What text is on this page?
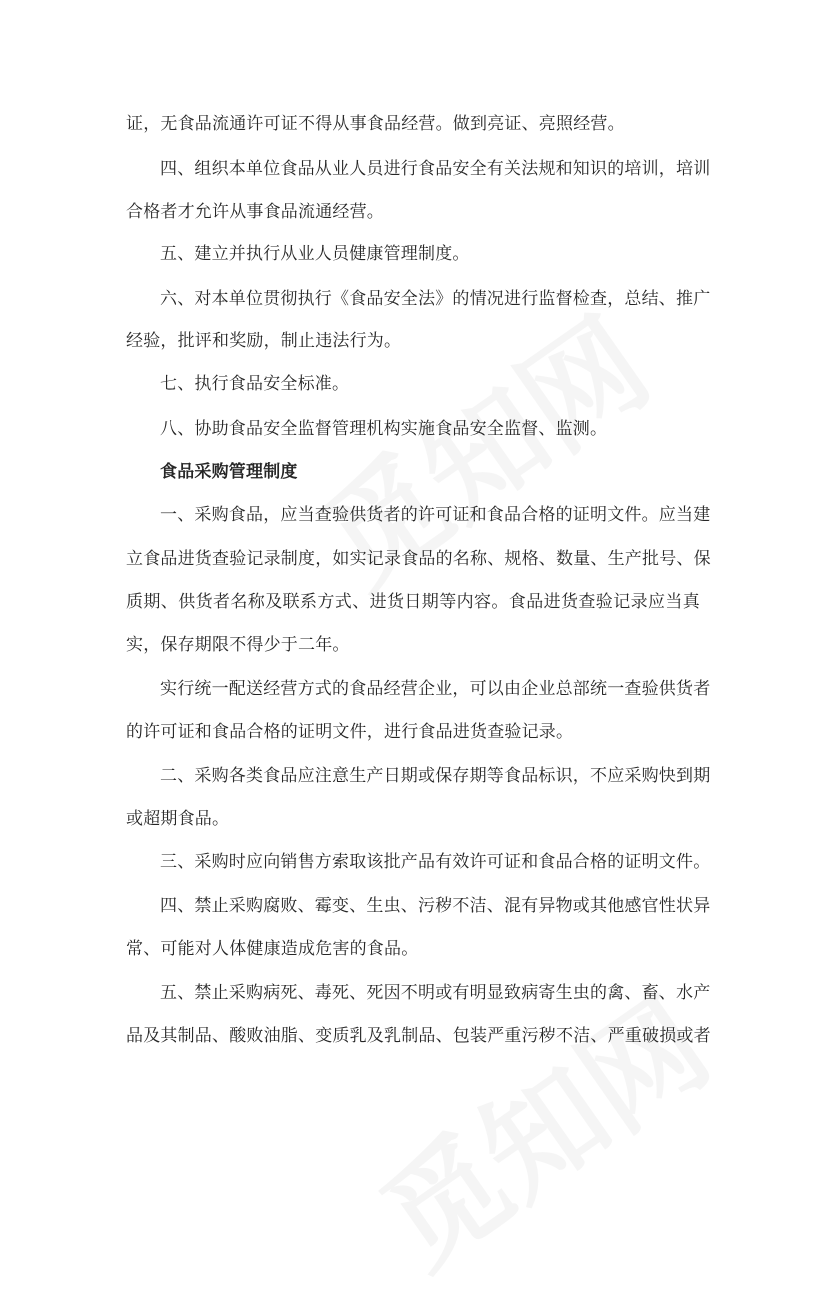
证，无食品流通许可证不得从事食品经营。做到亮证、亮照经营。
四、组织本单位食品从业人员进行食品安全有关法规和知识的培训，培训
合格者才允许从事食品流通经营。
五、建立并执行从业人员健康管理制度。
六、对本单位贯彻执行《食品安全法》的情况进行监督检查，总结、推广
经验，批评和奖励，制止违法行为。
七、执行食品安全标准。
八、协助食品安全监督管理机构实施食品安全监督、监测。
食品采购管理制度
一、采购食品，应当查验供货者的许可证和食品合格的证明文件。应当建
立食品进货查验记录制度，如实记录食品的名称、规格、数量、生产批号、保
质期、供货者名称及联系方式、进货日期等内容。食品进货查验记录应当真
实，保存期限不得少于二年。
实行统一配送经营方式的食品经营企业，可以由企业总部统一查验供货者
的许可证和食品合格的证明文件，进行食品进货查验记录。
二、采购各类食品应注意生产日期或保存期等食品标识，不应采购快到期
或超期食品。
三、采购时应向销售方索取该批产品有效许可证和食品合格的证明文件。
四、禁止采购腐败、霉变、生虫、污秽不洁、混有异物或其他感官性状异
常、可能对人体健康造成危害的食品。
五、禁止采购病死、毒死、死因不明或有明显致病寄生虫的禽、畜、水产
品及其制品、酸败油脂、变质乳及乳制品、包装严重污秽不洁、严重破损或者
